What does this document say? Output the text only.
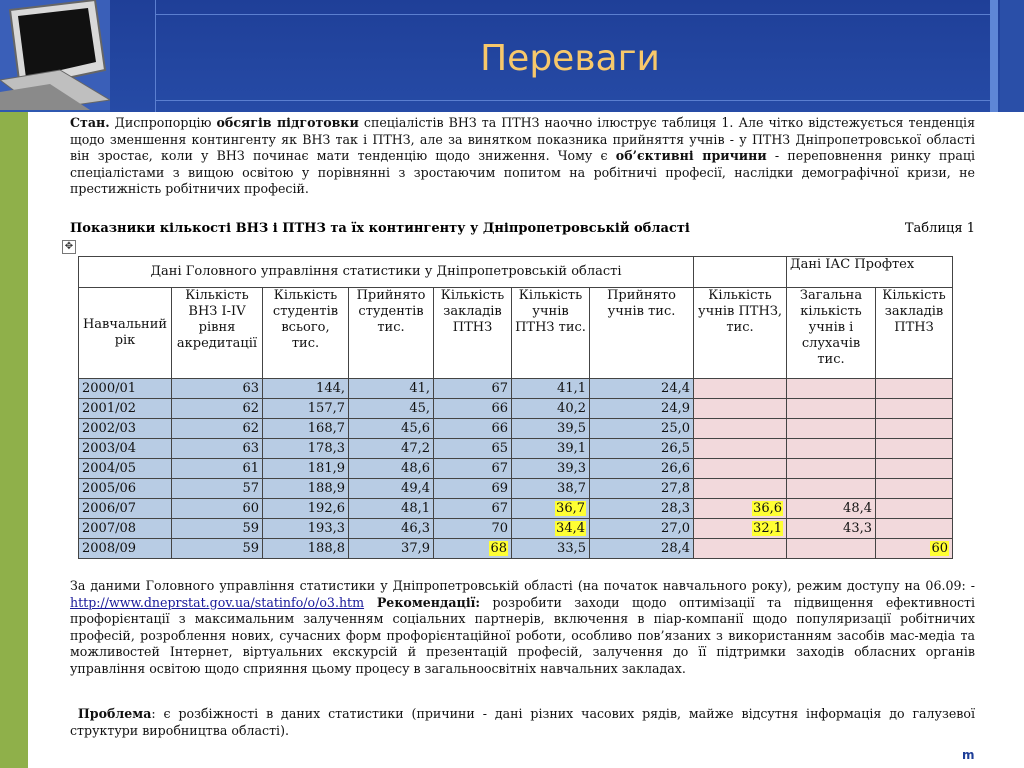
Переваги
Стан. Диспропорцію обсягів підготовки спеціалістів ВНЗ та ПТНЗ наочно ілюструє таблиця 1. Але чітко відстежується тенденція щодо зменшення контингенту як ВНЗ так і ПТНЗ, але за винятком показника прийняття учнів - у ПТНЗ Дніпропетровської області він зростає, коли у ВНЗ починає мати тенденцію щодо зниження. Чому є об’єктивні причини - переповнення ринку праці спеціалістами з вищою освітою у порівнянні з зростаючим попитом на робітничі професії, наслідки демографічної кризи, не престижність робітничих професій.
Показники кількості ВНЗ і ПТНЗ та їх контингенту у Дніпропетровській області	Таблиця 1
✥
Дані Головного управління статистики у Дніпропетровській області								Дані ІАС Профтех	
Навчальний рік	Кількість ВНЗ I-IV рівня акредитації	Кількість студентів всього, тис.	Прийнято студентів тис.	Кількість закладів ПТНЗ	Кількість учнів ПТНЗ тис.	Прийнято учнів тис.	Кількість учнів ПТНЗ, тис.	Загальна кількість учнів і слухачів тис.	Кількість закладів ПТНЗ
2000/01	63	144,	41,	67	41,1	24,4			
2001/02	62	157,7	45,	66	40,2	24,9			
2002/03	62	168,7	45,6	66	39,5	25,0			
2003/04	63	178,3	47,2	65	39,1	26,5			
2004/05	61	181,9	48,6	67	39,3	26,6			
2005/06	57	188,9	49,4	69	38,7	27,8			
2006/07	60	192,6	48,1	67	36,7	28,3	36,6	48,4	
2007/08	59	193,3	46,3	70	34,4	27,0	32,1	43,3	
2008/09	59	188,8	37,9	68	33,5	28,4			60
За даними Головного управління статистики у Дніпропетровській області (на початок навчального року), режим доступу на 06.09: - http://www.dneprstat.gov.ua/statinfo/o/o3.htm Рекомендації: розробити заходи щодо оптимізації та підвищення ефективності профорієнтації з максимальним залученням соціальних партнерів, включення в піар-компанії щодо популяризації робітничих професій, розроблення нових, сучасних форм профорієнтаційної роботи, особливо пов’язаних з використанням засобів мас-медіа та можливостей Інтернет, віртуальних екскурсій й презентацій професій, залучення до її підтримки заходів обласних органів управління освітою щодо сприяння цьому процесу в загальноосвітніх навчальних закладах.
Проблема: є розбіжності в даних статистики (причини - дані різних часових рядів, майже відсутня інформація до галузевої структури виробництва області).
m
